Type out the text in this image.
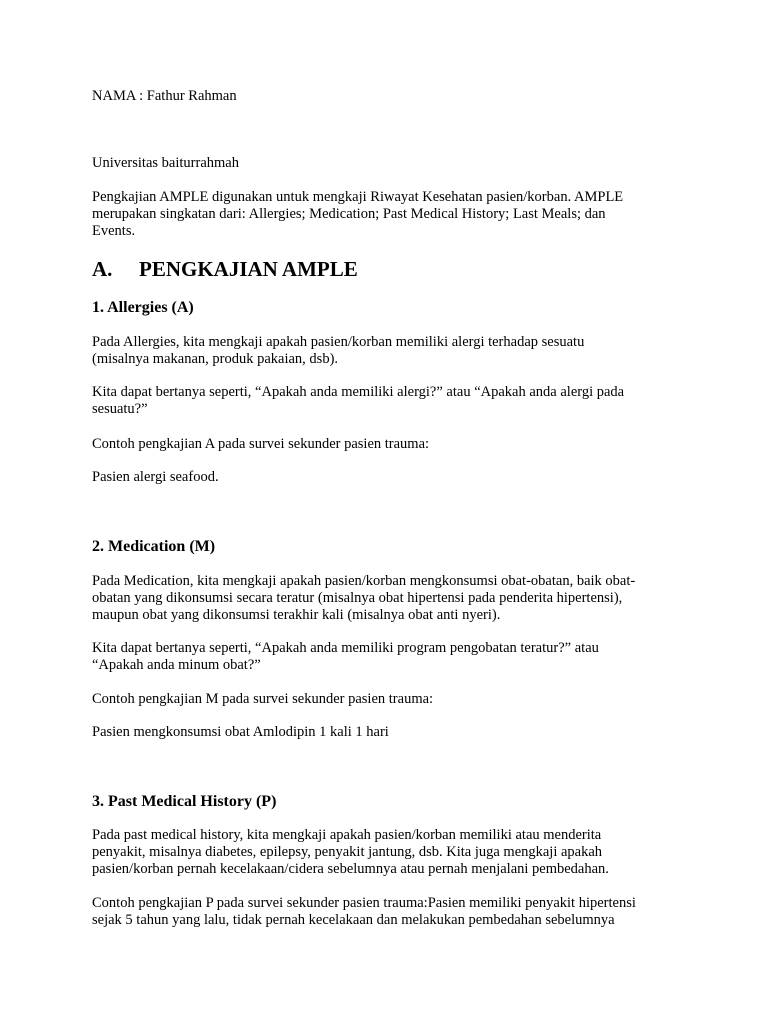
NAMA : Fathur Rahman
Universitas baiturrahmah
Pengkajian AMPLE digunakan untuk mengkaji Riwayat Kesehatan pasien/korban. AMPLE
merupakan singkatan dari: Allergies; Medication; Past Medical History; Last Meals; dan
Events.
A. PENGKAJIAN AMPLE
1. Allergies (A)
Pada Allergies, kita mengkaji apakah pasien/korban memiliki alergi terhadap sesuatu
(misalnya makanan, produk pakaian, dsb).
Kita dapat bertanya seperti, “Apakah anda memiliki alergi?” atau “Apakah anda alergi pada
sesuatu?”
Contoh pengkajian A pada survei sekunder pasien trauma:
Pasien alergi seafood.
2. Medication (M)
Pada Medication, kita mengkaji apakah pasien/korban mengkonsumsi obat-obatan, baik obat-
obatan yang dikonsumsi secara teratur (misalnya obat hipertensi pada penderita hipertensi),
maupun obat yang dikonsumsi terakhir kali (misalnya obat anti nyeri).
Kita dapat bertanya seperti, “Apakah anda memiliki program pengobatan teratur?” atau
“Apakah anda minum obat?”
Contoh pengkajian M pada survei sekunder pasien trauma:
Pasien mengkonsumsi obat Amlodipin 1 kali 1 hari
3. Past Medical History (P)
Pada past medical history, kita mengkaji apakah pasien/korban memiliki atau menderita
penyakit, misalnya diabetes, epilepsy, penyakit jantung, dsb. Kita juga mengkaji apakah
pasien/korban pernah kecelakaan/cidera sebelumnya atau pernah menjalani pembedahan.
Contoh pengkajian P pada survei sekunder pasien trauma:Pasien memiliki penyakit hipertensi
sejak 5 tahun yang lalu, tidak pernah kecelakaan dan melakukan pembedahan sebelumnya
